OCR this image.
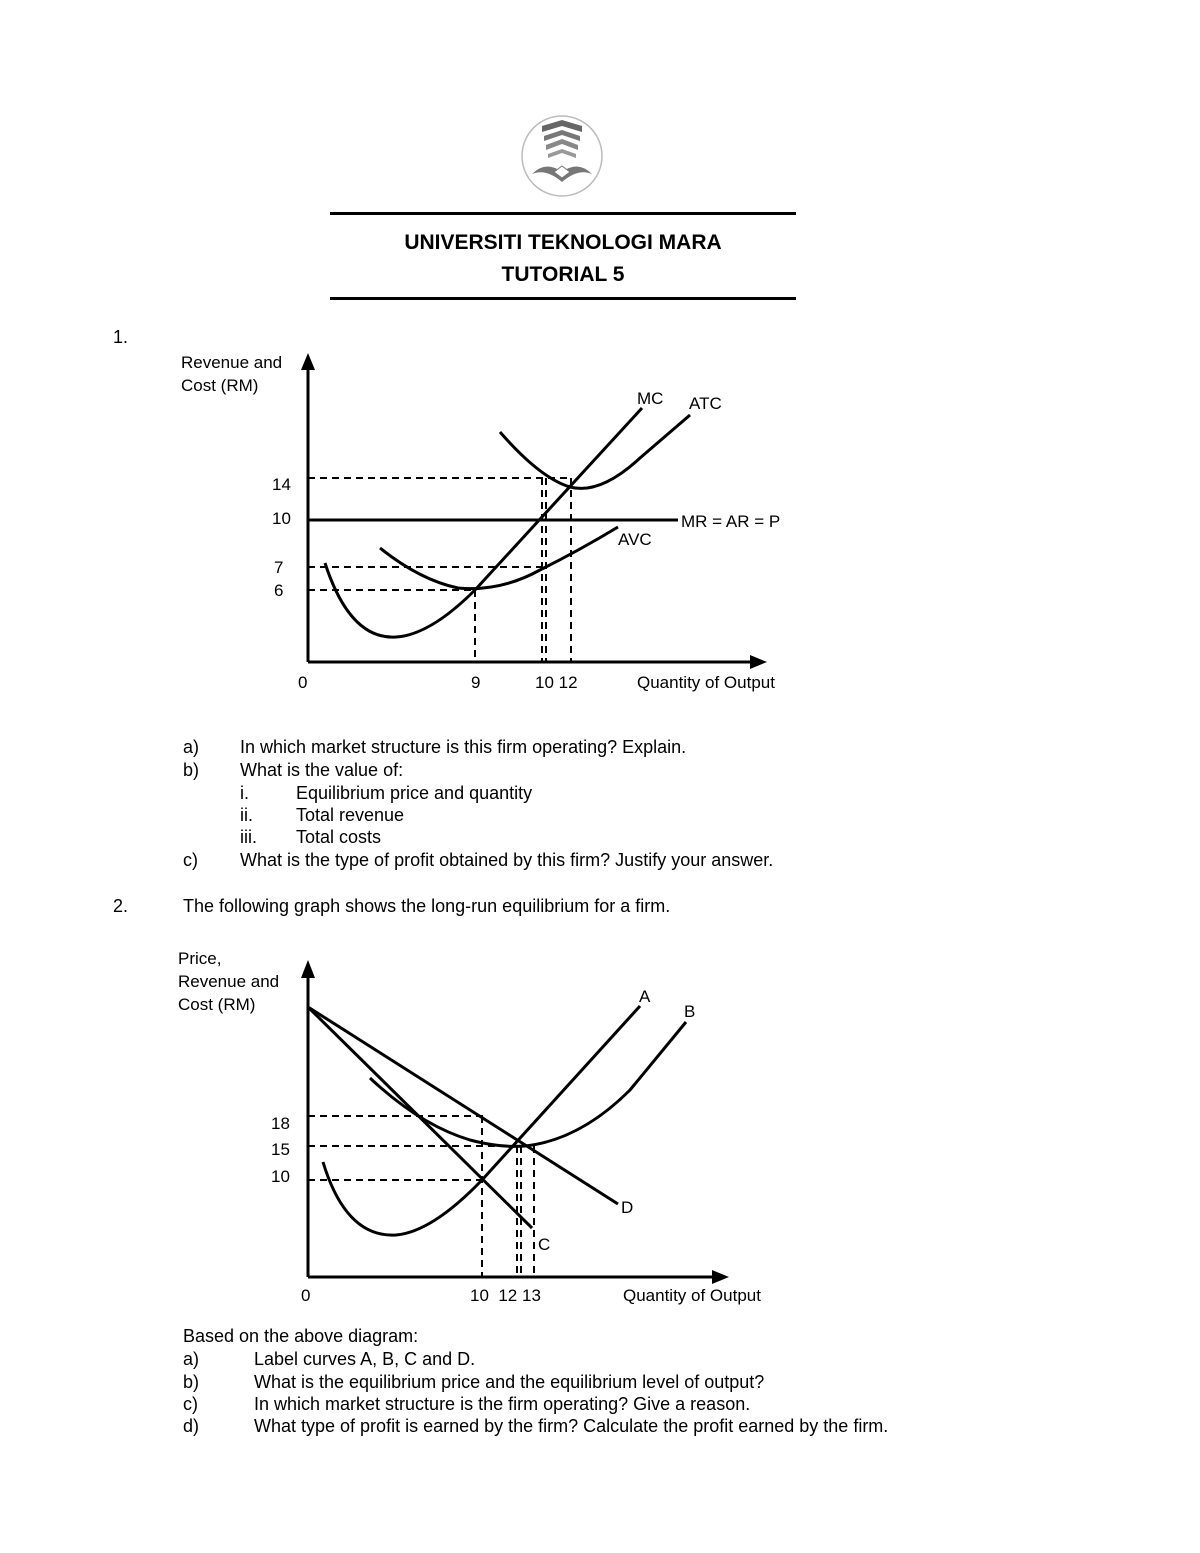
UNIVERSITI TEKNOLOGI MARA
TUTORIAL 5
1.
Revenue and
Cost (RM)
0
14
10
7
6
9	10 12	Quantity of Output
MC ATC
MR = AR = P
AVC
a) In which market structure is this firm operating? Explain.
b) What is the value of:
i.	Equilibrium price and quantity
ii. Total revenue
iii. Total costs
c) What is the type of profit obtained by this firm? Justify your answer.
2.	The following graph shows the long-run equilibrium for a firm.
Price,
Revenue and
Cost (RM)
0
18
15
10
10  12 13	Quantity of Output
A
B
C
D
Based on the above diagram:
a)	Label curves A, B, C and D.
b)	What is the equilibrium price and the equilibrium level of output?
c)	In which market structure is the firm operating? Give a reason.
d)	What type of profit is earned by the firm? Calculate the profit earned by the firm.
